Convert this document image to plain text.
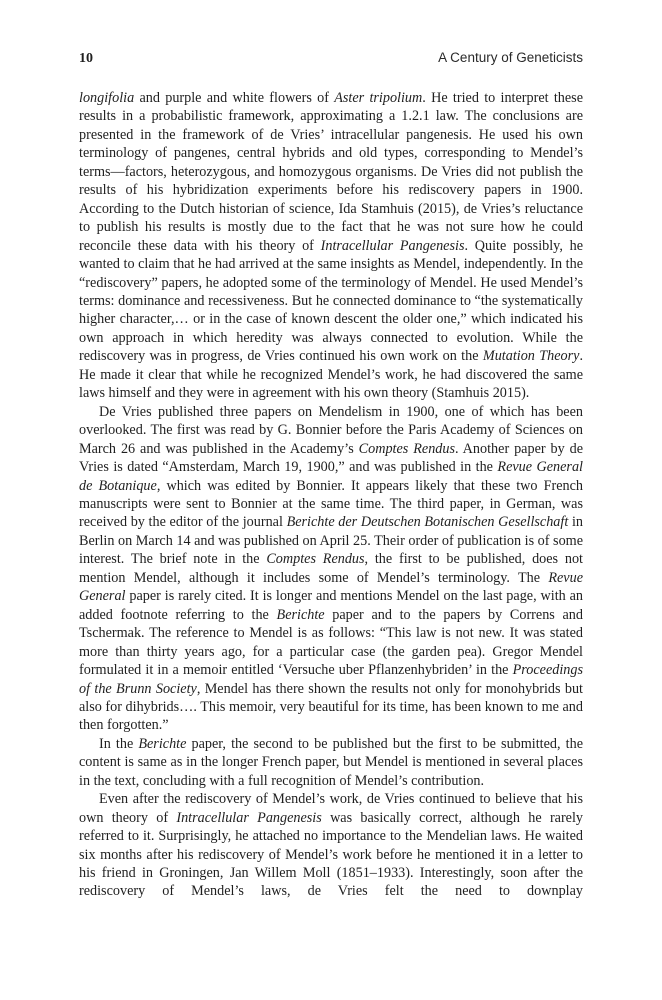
10	A Century of Geneticists

longifolia and purple and white flowers of Aster tripolium. He tried to interpret these results in a probabilistic framework, approximating a 1.2.1 law. The conclusions are presented in the framework of de Vries’ intracellular pangenesis. He used his own terminology of pangenes, central hybrids and old types, corresponding to Mendel’s terms—factors, heterozygous, and homozygous organisms. De Vries did not publish the results of his hybridization experiments before his rediscovery papers in 1900. According to the Dutch historian of science, Ida Stamhuis (2015), de Vries’s reluctance to publish his results is mostly due to the fact that he was not sure how he could reconcile these data with his theory of Intracellular Pangenesis. Quite possibly, he wanted to claim that he had arrived at the same insights as Mendel, independently. In the “rediscovery” papers, he adopted some of the terminology of Mendel. He used Mendel’s terms: dominance and recessiveness. But he connected dominance to “the systematically higher character,… or in the case of known descent the older one,” which indicated his own approach in which heredity was always connected to evolution. While the rediscovery was in progress, de Vries continued his own work on the Mutation Theory. He made it clear that while he recognized Mendel’s work, he had discovered the same laws himself and they were in agreement with his own theory (Stamhuis 2015).

De Vries published three papers on Mendelism in 1900, one of which has been overlooked. The first was read by G. Bonnier before the Paris Academy of Sciences on March 26 and was published in the Academy’s Comptes Rendus. Another paper by de Vries is dated “Amsterdam, March 19, 1900,” and was published in the Revue General de Botanique, which was edited by Bonnier. It appears likely that these two French manuscripts were sent to Bonnier at the same time. The third paper, in German, was received by the editor of the journal Berichte der Deutschen Botanischen Gesellschaft in Berlin on March 14 and was published on April 25. Their order of publication is of some interest. The brief note in the Comptes Rendus, the first to be published, does not mention Mendel, although it includes some of Mendel’s terminology. The Revue General paper is rarely cited. It is longer and mentions Mendel on the last page, with an added footnote referring to the Berichte paper and to the papers by Correns and Tschermak. The reference to Mendel is as follows: “This law is not new. It was stated more than thirty years ago, for a particular case (the garden pea). Gregor Mendel formulated it in a memoir entitled ‘Versuche uber Pflanzenhybriden’ in the Proceedings of the Brunn Society, Mendel has there shown the results not only for monohybrids but also for dihybrids…. This memoir, very beautiful for its time, has been known to me and then forgotten.”

In the Berichte paper, the second to be published but the first to be submitted, the content is same as in the longer French paper, but Mendel is mentioned in several places in the text, concluding with a full recognition of Mendel’s contribution.

Even after the rediscovery of Mendel’s work, de Vries continued to believe that his own theory of Intracellular Pangenesis was basically correct, although he rarely referred to it. Surprisingly, he attached no importance to the Mendelian laws. He waited six months after his rediscovery of Mendel’s work before he mentioned it in a letter to his friend in Groningen, Jan Willem Moll (1851–1933). Interestingly, soon after the rediscovery of Mendel’s laws, de Vries felt the need to downplay
